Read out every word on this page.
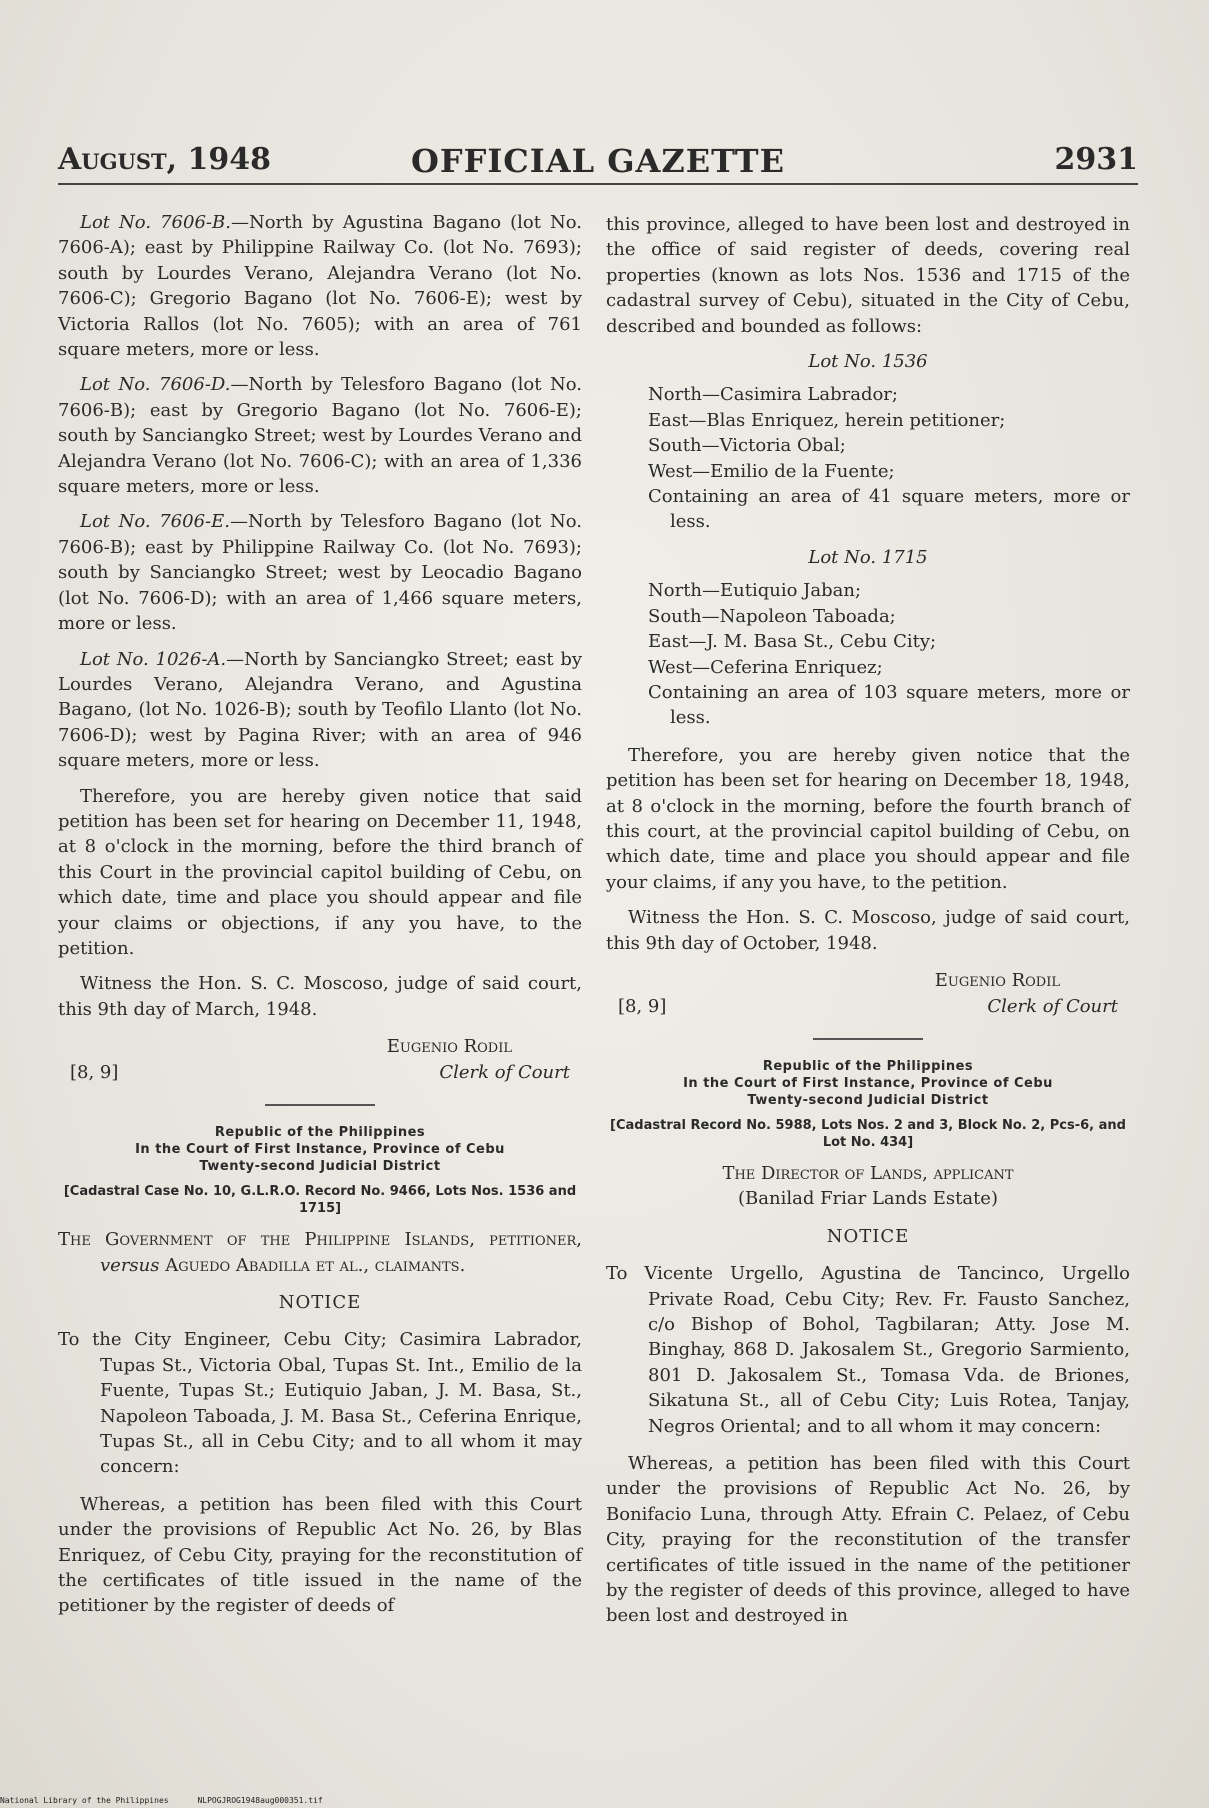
August, 1948	OFFICIAL GAZETTE	2931

Lot No. 7606-B.—North by Agustina Bagano (lot No. 7606-A); east by Philippine Railway Co. (lot No. 7693); south by Lourdes Verano, Alejandra Verano (lot No. 7606-C); Gregorio Bagano (lot No. 7606-E); west by Victoria Rallos (lot No. 7605); with an area of 761 square meters, more or less.

Lot No. 7606-D.—North by Telesforo Bagano (lot No. 7606-B); east by Gregorio Bagano (lot No. 7606-E); south by Sanciangko Street; west by Lourdes Verano and Alejandra Verano (lot No. 7606-C); with an area of 1,336 square meters, more or less.

Lot No. 7606-E.—North by Telesforo Bagano (lot No. 7606-B); east by Philippine Railway Co. (lot No. 7693); south by Sanciangko Street; west by Leocadio Bagano (lot No. 7606-D); with an area of 1,466 square meters, more or less.

Lot No. 1026-A.—North by Sanciangko Street; east by Lourdes Verano, Alejandra Verano, and Agustina Bagano, (lot No. 1026-B); south by Teofilo Llanto (lot No. 7606-D); west by Pagina River; with an area of 946 square meters, more or less.

Therefore, you are hereby given notice that said petition has been set for hearing on December 11, 1948, at 8 o'clock in the morning, before the third branch of this Court in the provincial capitol building of Cebu, on which date, time and place you should appear and file your claims or objections, if any you have, to the petition.

Witness the Hon. S. C. Moscoso, judge of said court, this 9th day of March, 1948.

Eugenio Rodil
[8, 9]	Clerk of Court
Republic of the Philippines
In the Court of First Instance, Province of Cebu
Twenty-second Judicial District
[Cadastral Case No. 10, G.L.R.O. Record No. 9466, Lots Nos. 1536 and 1715]

The Government of the Philippine Islands, petitioner, versus Aguedo Abadilla et al., claimants.

NOTICE

To the City Engineer, Cebu City; Casimira Labrador, Tupas St., Victoria Obal, Tupas St. Int., Emilio de la Fuente, Tupas St.; Eutiquio Jaban, J. M. Basa, St., Napoleon Taboada, J. M. Basa St., Ceferina Enrique, Tupas St., all in Cebu City; and to all whom it may concern:

Whereas, a petition has been filed with this Court under the provisions of Republic Act No. 26, by Blas Enriquez, of Cebu City, praying for the reconstitution of the certificates of title issued in the name of the petitioner by the register of deeds of

this province, alleged to have been lost and destroyed in the office of said register of deeds, covering real properties (known as lots Nos. 1536 and 1715 of the cadastral survey of Cebu), situated in the City of Cebu, described and bounded as follows:

Lot No. 1536
North—Casimira Labrador;
East—Blas Enriquez, herein petitioner;
South—Victoria Obal;
West—Emilio de la Fuente;
Containing an area of 41 square meters, more or less.
Lot No. 1715
North—Eutiquio Jaban;
South—Napoleon Taboada;
East—J. M. Basa St., Cebu City;
West—Ceferina Enriquez;
Containing an area of 103 square meters, more or less.

Therefore, you are hereby given notice that the petition has been set for hearing on December 18, 1948, at 8 o'clock in the morning, before the fourth branch of this court, at the provincial capitol building of Cebu, on which date, time and place you should appear and file your claims, if any you have, to the petition.

Witness the Hon. S. C. Moscoso, judge of said court, this 9th day of October, 1948.

Eugenio Rodil
[8, 9]	Clerk of Court
Republic of the Philippines
In the Court of First Instance, Province of Cebu
Twenty-second Judicial District
[Cadastral Record No. 5988, Lots Nos. 2 and 3, Block No. 2, Pcs-6, and Lot No. 434]
The Director of Lands, applicant
(Banilad Friar Lands Estate)
NOTICE

To Vicente Urgello, Agustina de Tancinco, Urgello Private Road, Cebu City; Rev. Fr. Fausto Sanchez, c/o Bishop of Bohol, Tagbilaran; Atty. Jose M. Binghay, 868 D. Jakosalem St., Gregorio Sarmiento, 801 D. Jakosalem St., Tomasa Vda. de Briones, Sikatuna St., all of Cebu City; Luis Rotea, Tanjay, Negros Oriental; and to all whom it may concern:

Whereas, a petition has been filed with this Court under the provisions of Republic Act No. 26, by Bonifacio Luna, through Atty. Efrain C. Pelaez, of Cebu City, praying for the reconstitution of the transfer certificates of title issued in the name of the petitioner by the register of deeds of this province, alleged to have been lost and destroyed in

National Library of the Philippines      NLPOGJROG1948aug000351.tif
